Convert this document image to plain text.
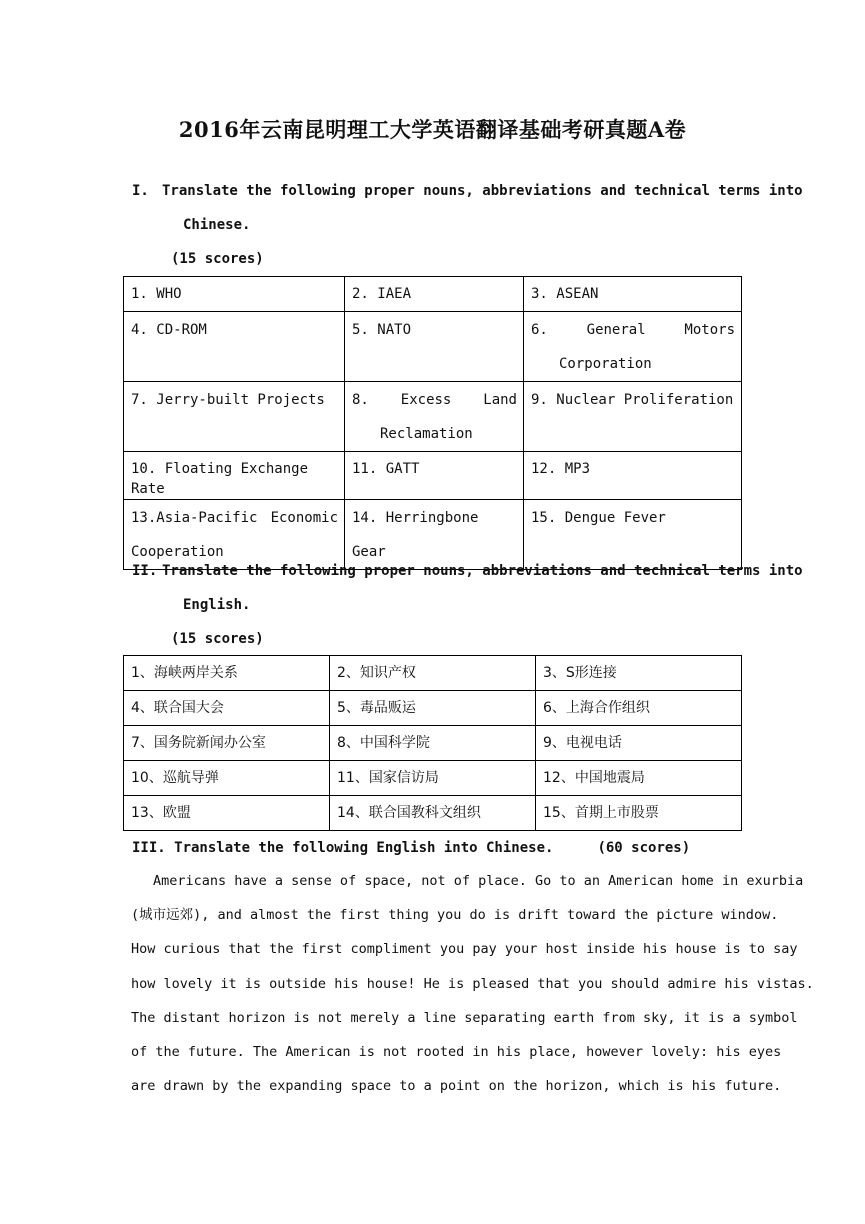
2016年云南昆明理工大学英语翻译基础考研真题A卷
I. Translate the following proper nouns, abbreviations and technical terms into
Chinese.
(15 scores)
1. WHO	2. IAEA	3. ASEAN

4. CD-ROM	5. NATO	6. General Motors Corporation

7. Jerry-built Projects	8. Excess Land Reclamation	9. Nuclear Proliferation

10. Floating Exchange Rate	11. GATT	12. MP3

13.Asia-Pacific Economic Cooperation	14. Herringbone Gear	15. Dengue Fever
II. Translate the following proper nouns, abbreviations and technical terms into
English.
(15 scores)
1、海峡两岸关系	2、知识产权	3、S形连接
4、联合国大会	5、毒品贩运	6、上海合作组织
7、国务院新闻办公室	8、中国科学院	9、电视电话
10、巡航导弹	11、国家信访局	12、中国地震局
13、欧盟	14、联合国教科文组织	15、首期上市股票
III. Translate the following English into Chinese.	(60 scores)
Americans have a sense of space, not of place. Go to an American home in exurbia
(城市远郊), and almost the first thing you do is drift toward the picture window.
How curious that the first compliment you pay your host inside his house is to say
how lovely it is outside his house! He is pleased that you should admire his vistas.
The distant horizon is not merely a line separating earth from sky, it is a symbol
of the future. The American is not rooted in his place, however lovely: his eyes
are drawn by the expanding space to a point on the horizon, which is his future.
